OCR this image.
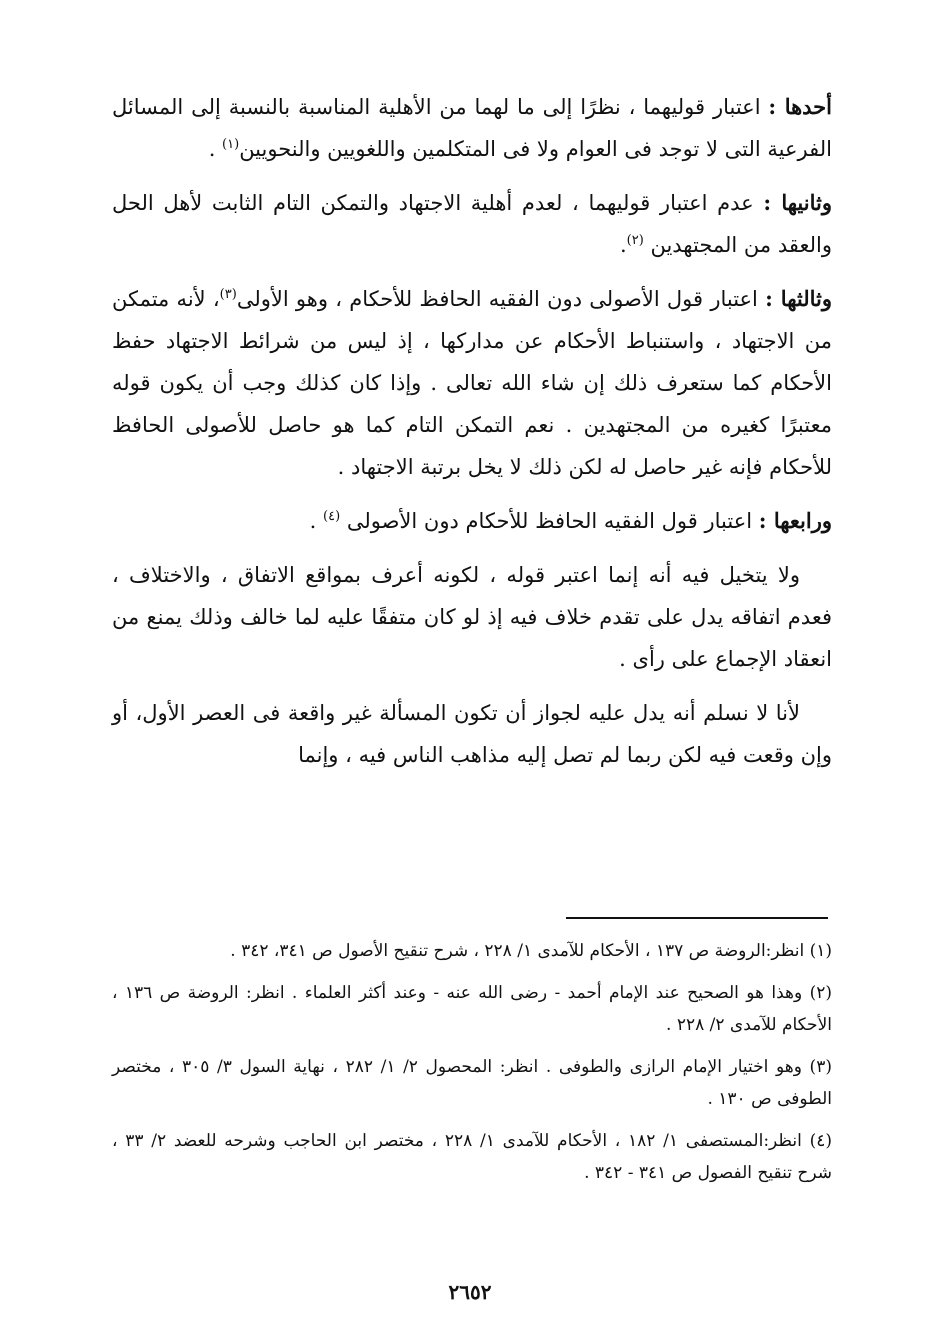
أحدها : اعتبار قوليهما ، نظرًا إلى ما لهما من الأهلية المناسبة بالنسبة إلى المسائل الفرعية التى لا توجد فى العوام ولا فى المتكلمين واللغويين والنحويين$^{(١)}$ .

وثانيها : عدم اعتبار قوليهما ، لعدم أهلية الاجتهاد والتمكن التام الثابت لأهل الحل والعقد من المجتهدين $^{(٢)}$.

وثالثها : اعتبار قول الأصولى دون الفقيه الحافظ للأحكام ، وهو الأولى$^{(٣)}$، لأنه متمكن من الاجتهاد ، واستنباط الأحكام عن مداركها ، إذ ليس من شرائط الاجتهاد حفظ الأحكام كما ستعرف ذلك إن شاء الله تعالى . وإذا كان كذلك وجب أن يكون قوله معتبرًا كغيره من المجتهدين . نعم التمكن التام كما هو حاصل للأصولى الحافظ للأحكام فإنه غير حاصل له لكن ذلك لا يخل برتبة الاجتهاد .

ورابعها : اعتبار قول الفقيه الحافظ للأحكام دون الأصولى $^{(٤)}$ .

ولا يتخيل فيه أنه إنما اعتبر قوله ، لكونه أعرف بمواقع الاتفاق ، والاختلاف ، فعدم اتفاقه يدل على تقدم خلاف فيه إذ لو كان متفقًا عليه لما خالف وذلك يمنع من انعقاد الإجماع على رأى .

لأنا لا نسلم أنه يدل عليه لجواز أن تكون المسألة غير واقعة فى العصر الأول، أو وإن وقعت فيه لكن ربما لم تصل إليه مذاهب الناس فيه ، وإنما

(١) انظر:الروضة ص ١٣٧ ، الأحكام للآمدى ١/ ٢٢٨ ، شرح تنقيح الأصول ص ٣٤١، ٣٤٢ .

(٢) وهذا هو الصحيح عند الإمام أحمد - رضى الله عنه - وعند أكثر العلماء . انظر: الروضة ص ١٣٦ ، الأحكام للآمدى ٢/ ٢٢٨ .

(٣) وهو اختيار الإمام الرازى والطوفى . انظر: المحصول ٢/ ١/ ٢٨٢ ، نهاية السول ٣/ ٣٠٥ ، مختصر الطوفى ص ١٣٠ .

(٤) انظر:المستصفى ١/ ١٨٢ ، الأحكام للآمدى ١/ ٢٢٨ ، مختصر ابن الحاجب وشرحه للعضد ٢/ ٣٣ ، شرح تنقيح الفصول ص ٣٤١ - ٣٤٢ .

٢٦٥٢
